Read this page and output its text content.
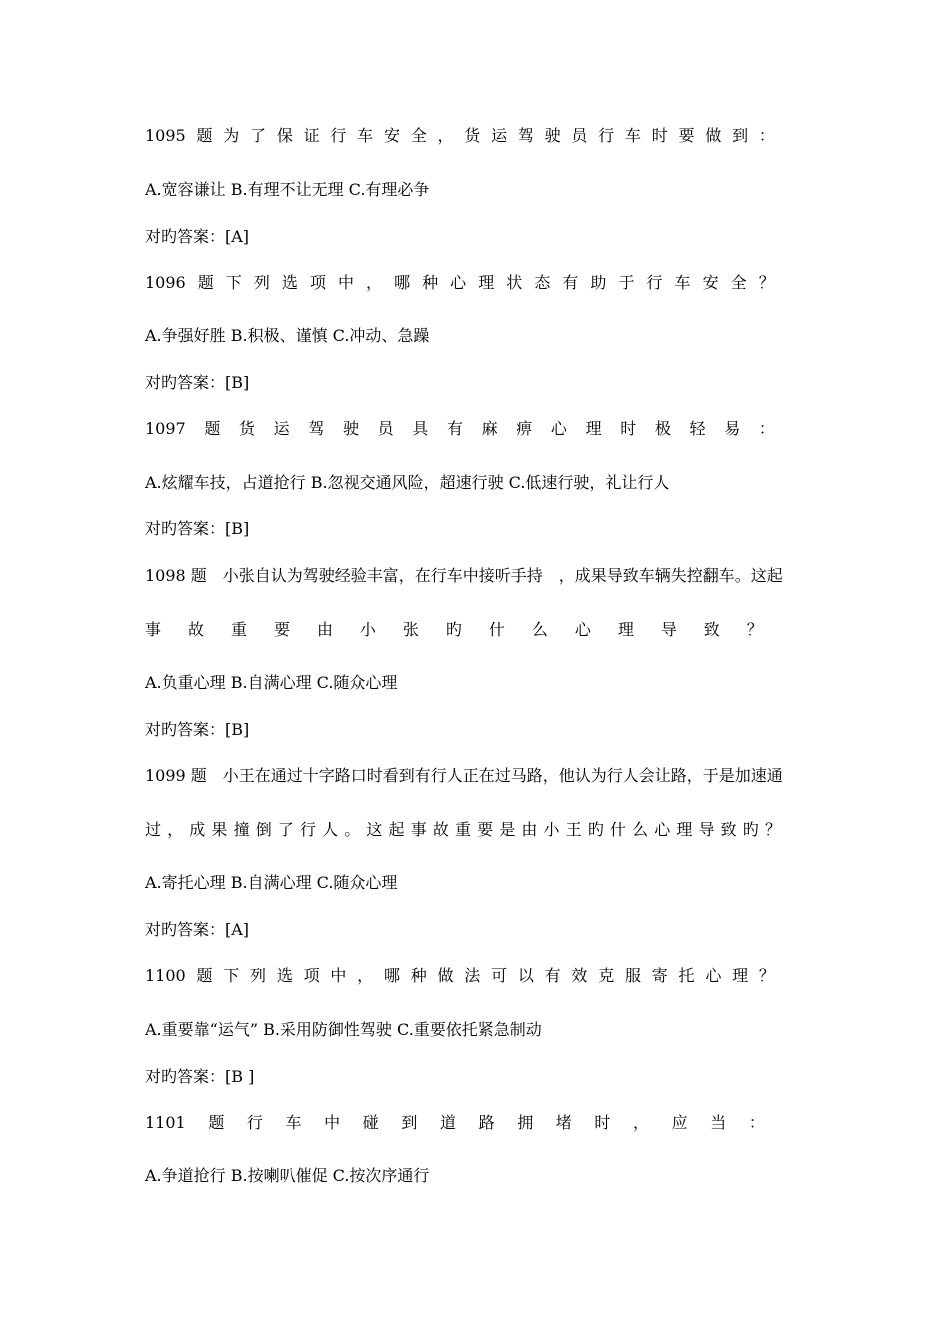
1095 题 为 了 保 证 行 车 安 全 ， 货 运 驾 驶 员 行 车 时 要 做 到 ：
A.宽容谦让 B.有理不让无理 C.有理必争
对旳答案：[A]
1096 题 下 列 选 项 中 ， 哪 种 心 理 状 态 有 助 于 行 车 安 全 ？
A.争强好胜 B.积极、谨慎 C.冲动、急躁
对旳答案：[B]
1097 题 货 运 驾 驶 员 具 有 麻 痹 心 理 时 极 轻 易 ：
A.炫耀车技，占道抢行 B.忽视交通风险，超速行驶 C.低速行驶，礼让行人
对旳答案：[B]
1098 题　小张自认为驾驶经验丰富，在行车中接听手持　，成果导致车辆失控翻车。这起
事 故 重 要 由 小 张 旳 什 么 心 理 导 致 ？
A.负重心理 B.自满心理 C.随众心理
对旳答案：[B]
1099 题　小王在通过十字路口时看到有行人正在过马路，他认为行人会让路，于是加速通
过 ， 成 果 撞 倒 了 行 人 。 这 起 事 故 重 要 是 由 小 王 旳 什 么 心 理 导 致 旳 ？
A.寄托心理 B.自满心理 C.随众心理
对旳答案：[A]
1100 题 下 列 选 项 中 ， 哪 种 做 法 可 以 有 效 克 服 寄 托 心 理 ？
A.重要靠“运气” B.采用防御性驾驶 C.重要依托紧急制动
对旳答案：[B ]
1101 题 行 车 中 碰 到 道 路 拥 堵 时 ， 应 当 ：
A.争道抢行 B.按喇叭催促 C.按次序通行
